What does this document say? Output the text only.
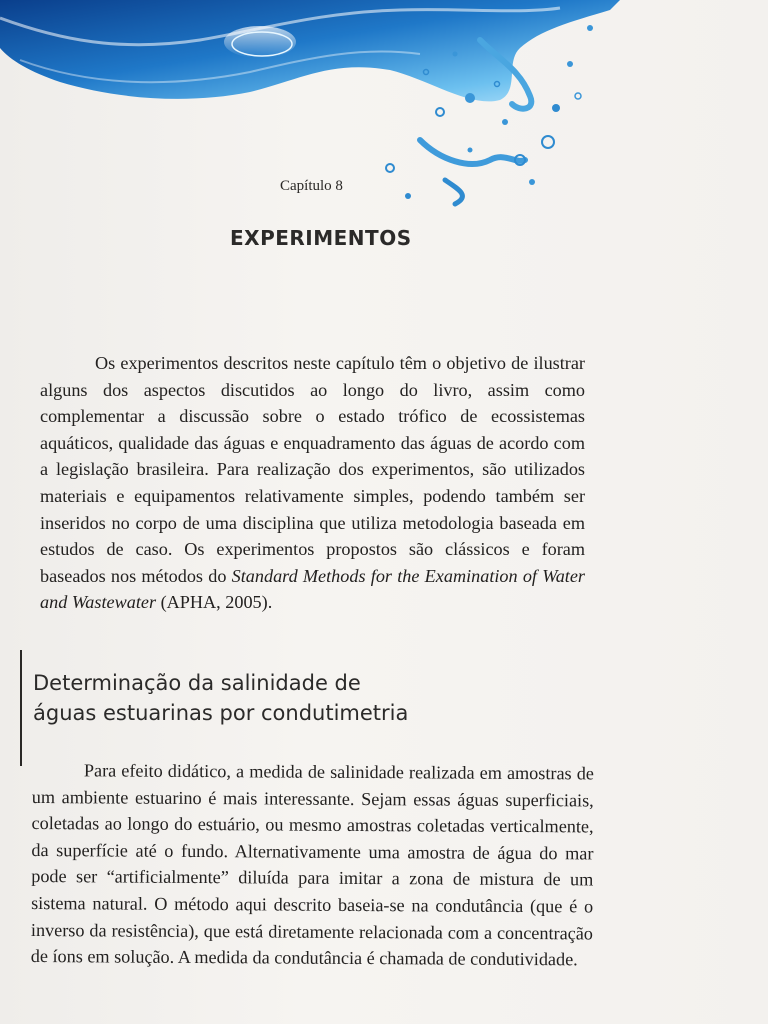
Capítulo 8
EXPERIMENTOS

Os experimentos descritos neste capítulo têm o objetivo de ilustrar alguns dos aspectos discutidos ao longo do livro, assim como complementar a discussão sobre o estado trófico de ecossistemas aquáticos, qualidade das águas e enquadramento das águas de acordo com a legislação brasileira. Para realização dos experimentos, são utilizados materiais e equipamentos relativamente simples, podendo também ser inseridos no corpo de uma disciplina que utiliza metodologia baseada em estudos de caso. Os experimentos propostos são clássicos e foram baseados nos métodos do Standard Methods for the Examination of Water and Wastewater (APHA, 2005).

Determinação da salinidade de
águas estuarinas por condutimetria

Para efeito didático, a medida de salinidade realizada em amostras de um ambiente estuarino é mais interessante. Sejam essas águas superficiais, coletadas ao longo do estuário, ou mesmo amostras coletadas verticalmente, da superfície até o fundo. Alternativamente uma amostra de água do mar pode ser “artificialmente” diluída para imitar a zona de mistura de um sistema natural. O método aqui descrito baseia-se na condutância (que é o inverso da resistência), que está diretamente relacionada com a concentração de íons em solução. A medida da condutância é chamada de condutividade.
